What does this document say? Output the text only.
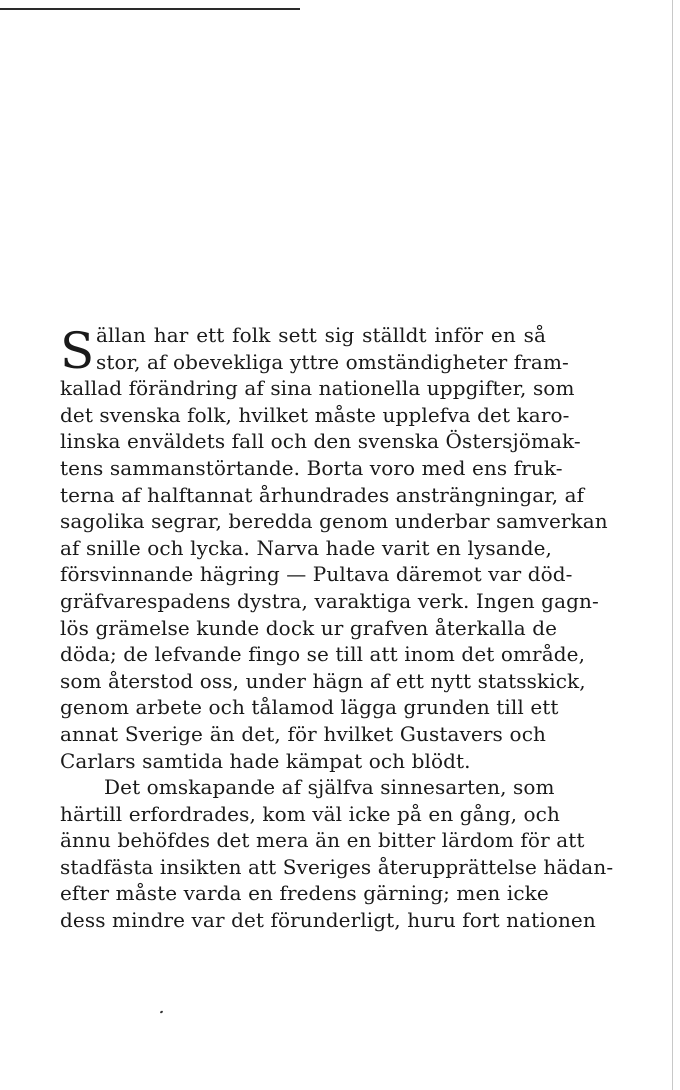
S ällan har ett folk sett sig ställdt inför en så
stor, af obevekliga yttre omständigheter fram-
kallad förändring af sina nationella uppgifter, som
det svenska folk, hvilket måste upplefva det karo-
linska enväldets fall och den svenska Östersjömak-
tens sammanstörtande. Borta voro med ens fruk-
terna af halftannat århundrades ansträngningar, af
sagolika segrar, beredda genom underbar samverkan
af snille och lycka. Narva hade varit en lysande,
försvinnande hägring — Pultava däremot var död-
gräfvarespadens dystra, varaktiga verk. Ingen gagn-
lös grämelse kunde dock ur grafven återkalla de
döda; de lefvande fingo se till att inom det område,
som återstod oss, under hägn af ett nytt statsskick,
genom arbete och tålamod lägga grunden till ett
annat Sverige än det, för hvilket Gustavers och
Carlars samtida hade kämpat och blödt.
Det omskapande af själfva sinnesarten, som
härtill erfordrades, kom väl icke på en gång, och
ännu behöfdes det mera än en bitter lärdom för att
stadfästa insikten att Sveriges återupprättelse hädan-
efter måste varda en fredens gärning; men icke
dess mindre var det förunderligt, huru fort nationen
